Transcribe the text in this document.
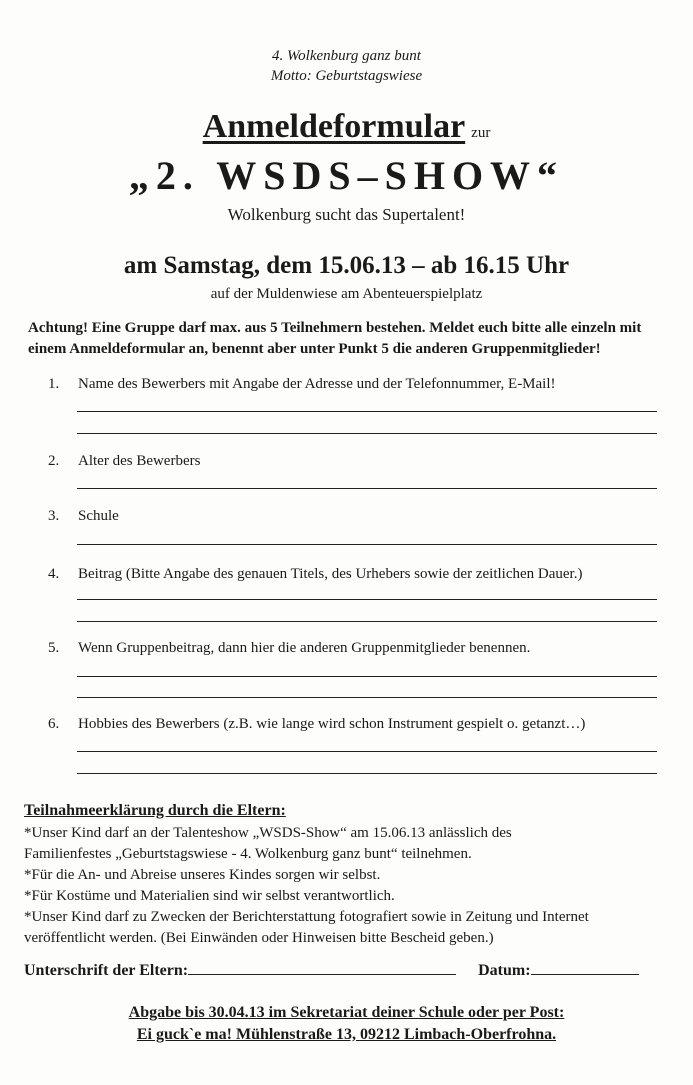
4. Wolkenburg ganz bunt
Motto: Geburtstagswiese
Anmeldeformular zur
„2. WSDS–SHOW“
Wolkenburg sucht das Supertalent!
am Samstag, dem 15.06.13 – ab 16.15 Uhr
auf der Muldenwiese am Abenteuerspielplatz
Achtung! Eine Gruppe darf max. aus 5 Teilnehmern bestehen. Meldet euch bitte alle einzeln mit einem Anmeldeformular an, benennt aber unter Punkt 5 die anderen Gruppenmitglieder!
1. Name des Bewerbers mit Angabe der Adresse und der Telefonnummer, E-Mail!
2. Alter des Bewerbers
3. Schule
4. Beitrag (Bitte Angabe des genauen Titels, des Urhebers sowie der zeitlichen Dauer.)
5. Wenn Gruppenbeitrag, dann hier die anderen Gruppenmitglieder benennen.
6. Hobbies des Bewerbers (z.B. wie lange wird schon Instrument gespielt o. getanzt…)
Teilnahmeerklärung durch die Eltern:
*Unser Kind darf an der Talenteshow „WSDS-Show“ am 15.06.13 anlässlich des
Familienfestes „Geburtstagswiese - 4. Wolkenburg ganz bunt“ teilnehmen.
*Für die An- und Abreise unseres Kindes sorgen wir selbst.
*Für Kostüme und Materialien sind wir selbst verantwortlich.
*Unser Kind darf zu Zwecken der Berichterstattung fotografiert sowie in Zeitung und Internet
veröffentlicht werden. (Bei Einwänden oder Hinweisen bitte Bescheid geben.)
Unterschrift der Eltern:	Datum:
Abgabe bis 30.04.13 im Sekretariat deiner Schule oder per Post:
Ei guck`e ma! Mühlenstraße 13, 09212 Limbach-Oberfrohna.
